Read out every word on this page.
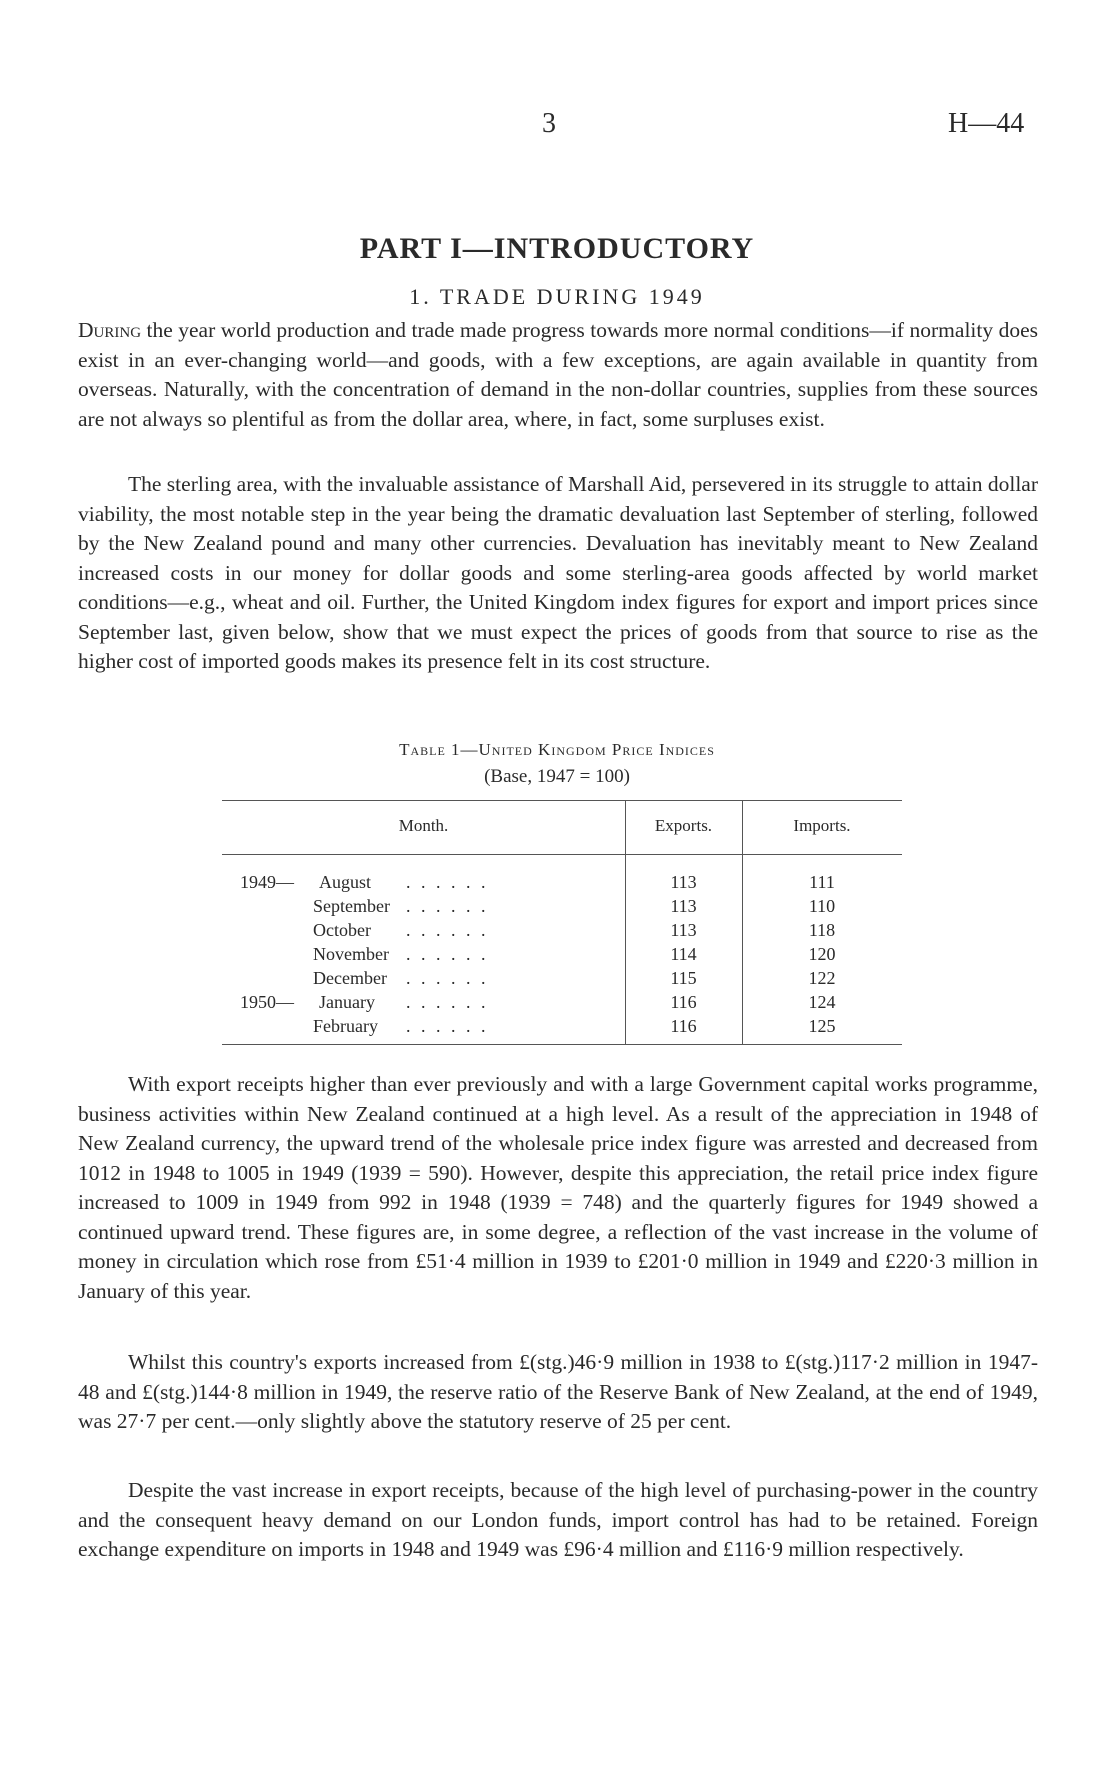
3	H—44
PART I—INTRODUCTORY
1. TRADE DURING 1949

During the year world production and trade made progress towards more normal conditions—if normality does exist in an ever-changing world—and goods, with a few exceptions, are again available in quantity from overseas. Naturally, with the concentration of demand in the non-dollar countries, supplies from these sources are not always so plentiful as from the dollar area, where, in fact, some surpluses exist.

The sterling area, with the invaluable assistance of Marshall Aid, persevered in its struggle to attain dollar viability, the most notable step in the year being the dramatic devaluation last September of sterling, followed by the New Zealand pound and many other currencies. Devaluation has inevitably meant to New Zealand increased costs in our money for dollar goods and some sterling-area goods affected by world market conditions—e.g., wheat and oil. Further, the United Kingdom index figures for export and import prices since September last, given below, show that we must expect the prices of goods from that source to rise as the higher cost of imported goods makes its presence felt in its cost structure.

Table 1—United Kingdom Price Indices
(Base, 1947 = 100)
Month.	Exports.	Imports.
1949— August . . . . . .	113	111
September . . . . . .	113	110
October . . . . . .	113	118
November . . . . . .	114	120
December . . . . . .	115	122
1950— January . . . . . .	116	124
February . . . . . .	116	125

With export receipts higher than ever previously and with a large Government capital works programme, business activities within New Zealand continued at a high level. As a result of the appreciation in 1948 of New Zealand currency, the upward trend of the wholesale price index figure was arrested and decreased from 1012 in 1948 to 1005 in 1949 (1939 = 590). However, despite this appreciation, the retail price index figure increased to 1009 in 1949 from 992 in 1948 (1939 = 748) and the quarterly figures for 1949 showed a continued upward trend. These figures are, in some degree, a reflection of the vast increase in the volume of money in circulation which rose from £51·4 million in 1939 to £201·0 million in 1949 and £220·3 million in January of this year.

Whilst this country's exports increased from £(stg.)46·9 million in 1938 to £(stg.)117·2 million in 1947-48 and £(stg.)144·8 million in 1949, the reserve ratio of the Reserve Bank of New Zealand, at the end of 1949, was 27·7 per cent.—only slightly above the statutory reserve of 25 per cent.

Despite the vast increase in export receipts, because of the high level of purchasing-power in the country and the consequent heavy demand on our London funds, import control has had to be retained. Foreign exchange expenditure on imports in 1948 and 1949 was £96·4 million and £116·9 million respectively.
